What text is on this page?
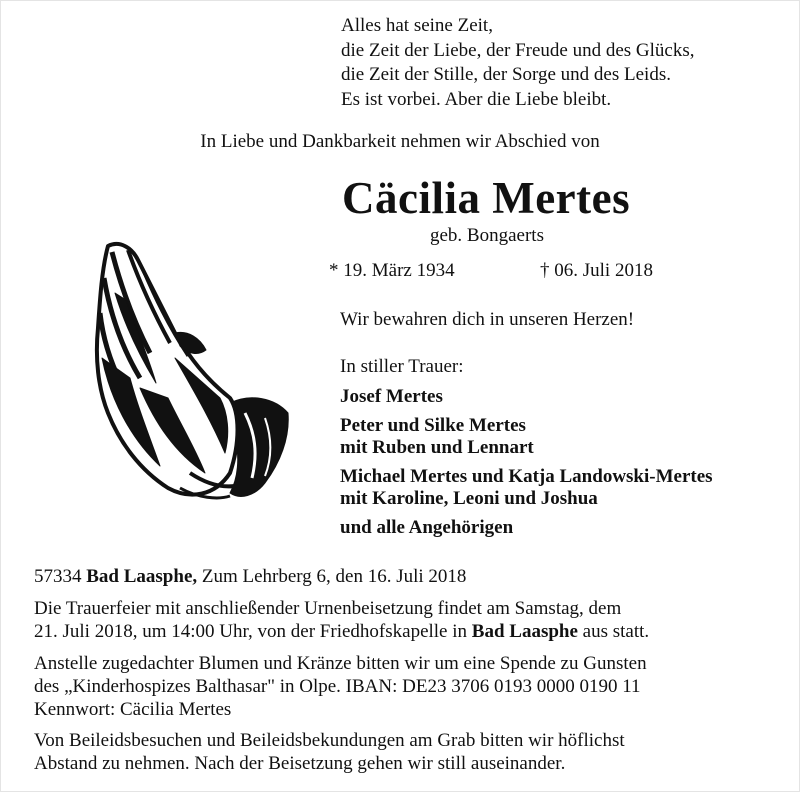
Alles hat seine Zeit,
die Zeit der Liebe, der Freude und des Glücks,
die Zeit der Stille, der Sorge und des Leids.
Es ist vorbei. Aber die Liebe bleibt.
In Liebe und Dankbarkeit nehmen wir Abschied von
Cäcilia Mertes
geb. Bongaerts
* 19. März 1934	† 06. Juli 2018
Wir bewahren dich in unseren Herzen!
In stiller Trauer:
Josef Mertes
Peter und Silke Mertes
mit Ruben und Lennart
Michael Mertes und Katja Landowski-Mertes
mit Karoline, Leoni und Joshua
und alle Angehörigen
57334 Bad Laasphe, Zum Lehrberg 6, den 16. Juli 2018
Die Trauerfeier mit anschließender Urnenbeisetzung findet am Samstag, dem
21. Juli 2018, um 14:00 Uhr, von der Friedhofskapelle in Bad Laasphe aus statt.
Anstelle zugedachter Blumen und Kränze bitten wir um eine Spende zu Gunsten
des „Kinderhospizes Balthasar" in Olpe. IBAN: DE23 3706 0193 0000 0190 11
Kennwort: Cäcilia Mertes
Von Beileidsbesuchen und Beileidsbekundungen am Grab bitten wir höflichst
Abstand zu nehmen. Nach der Beisetzung gehen wir still auseinander.
